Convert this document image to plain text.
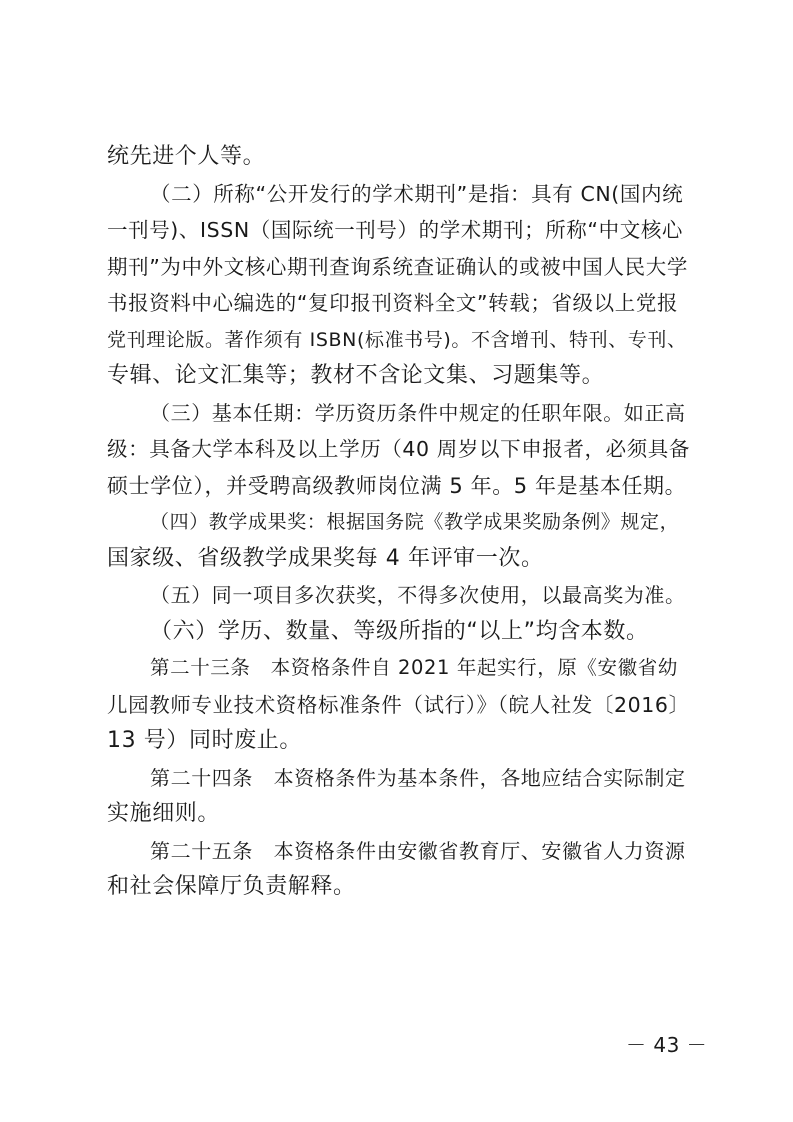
统先进个人等。
（二）所称“公开发行的学术期刊”是指：具有 CN(国内统
一刊号)、ISSN（国际统一刊号）的学术期刊；所称“中文核心
期刊”为中外文核心期刊查询系统查证确认的或被中国人民大学
书报资料中心编选的“复印报刊资料全文”转载；省级以上党报
党刊理论版。著作须有 ISBN(标准书号)。不含增刊、特刊、专刊、
专辑、论文汇集等；教材不含论文集、习题集等。
（三）基本任期：学历资历条件中规定的任职年限。如正高
级：具备大学本科及以上学历（40 周岁以下申报者，必须具备
硕士学位），并受聘高级教师岗位满 5 年。5 年是基本任期。
（四）教学成果奖：根据国务院《教学成果奖励条例》规定，
国家级、省级教学成果奖每 4 年评审一次。
（五）同一项目多次获奖，不得多次使用，以最高奖为准。
（六）学历、数量、等级所指的“以上”均含本数。
第二十三条　本资格条件自 2021 年起实行，原《安徽省幼
儿园教师专业技术资格标准条件（试行）》（皖人社发〔2016〕
13 号）同时废止。
第二十四条　本资格条件为基本条件，各地应结合实际制定
实施细则。
第二十五条　本资格条件由安徽省教育厅、安徽省人力资源
和社会保障厅负责解释。
－ 43 －
